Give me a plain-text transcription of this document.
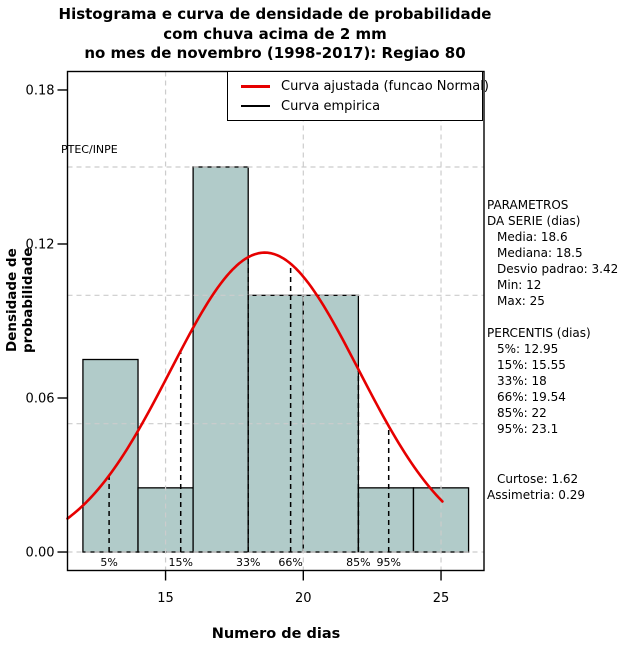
5%	15%	33% 66%	85% 95%
15	20	25
0.00
0.06
0.12
0.18
Histograma e curva de densidade de probabilidade
com chuva acima de 2 mm
no mes de novembro (1998-2017): Regiao 80
PTEC/INPE
Densidade de probabilidade
Numero de dias
Curva ajustada (funcao Normal)
Curva empirica
PARAMETROS
DA SERIE (dias)
Media: 18.6
Mediana: 18.5
Desvio padrao: 3.42
Min: 12
Max: 25
PERCENTIS (dias)
5%: 12.95
15%: 15.55
33%: 18
66%: 19.54
85%: 22
95%: 23.1
Curtose: 1.62
Assimetria: 0.29
